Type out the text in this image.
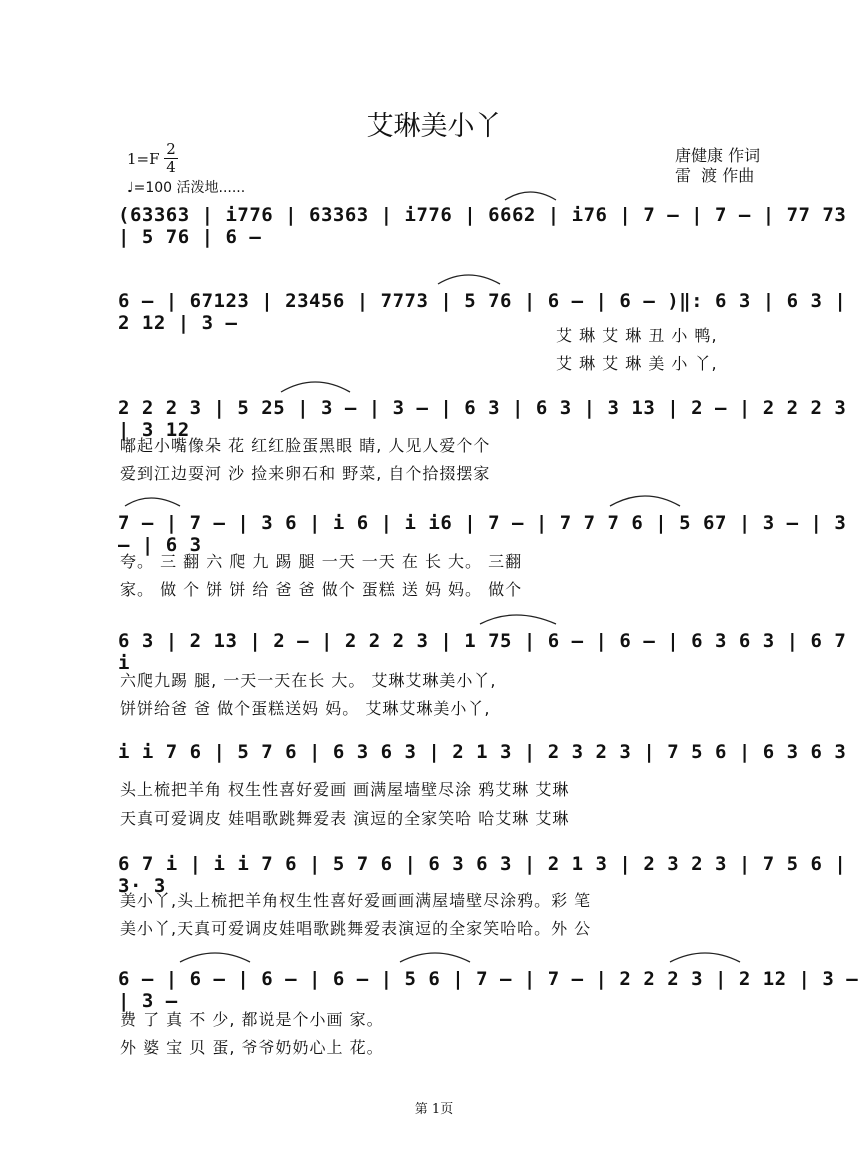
艾琳美小丫
$1=F \frac{2}{4}$
♩=100 活泼地......
唐健康 作词
雷  渡 作曲
(63363 | i776 | 63363 | i776 | 6662 | i76 | 7 – | 7 – | 77 73 | 5 76 | 6 –
6 – | 67123 | 23456 | 7773 | 5 76 | 6 – | 6 – )‖: 6 3 | 6 3 | 2 12 | 3 –
艾 琳 艾 琳 丑 小 鸭,
艾 琳 艾 琳 美 小 丫,
2 2 2 3 | 5 25 | 3 – | 3 – | 6 3 | 6 3 | 3 13 | 2 – | 2 2 2 3 | 3 12
嘟起小嘴像朵 花 红红脸蛋黑眼 睛, 人见人爱个个
爱到江边耍河 沙 捡来卵石和 野菜, 自个拾掇摆家
7 – | 7 – | 3 6 | i 6 | i i6 | 7 – | 7 7 7 6 | 5 67 | 3 – | 3 – | 6 3
夸。 三 翻 六 爬 九 踢 腿 一天 一天 在 长 大。 三翻
家。 做 个 饼 饼 给 爸 爸 做个 蛋糕 送 妈 妈。 做个
6 3 | 2 13 | 2 – | 2 2 2 3 | 1 75 | 6 – | 6 – | 6 3 6 3 | 6 7 i
六爬九踢 腿, 一天一天在长 大。 艾琳艾琳美小丫,
饼饼给爸 爸 做个蛋糕送妈 妈。 艾琳艾琳美小丫,
i i 7 6 | 5 7 6 | 6 3 6 3 | 2 1 3 | 2 3 2 3 | 7 5 6 | 6 3 6 3
头上梳把羊角 杈生性喜好爱画 画满屋墙壁尽涂 鸦艾琳 艾琳
天真可爱调皮 娃唱歌跳舞爱表 演逗的全家笑哈 哈艾琳 艾琳
6 7 i | i i 7 6 | 5 7 6 | 6 3 6 3 | 2 1 3 | 2 3 2 3 | 7 5 6 | 3· 3
美小丫,头上梳把羊角杈生性喜好爱画画满屋墙壁尽涂鸦。彩 笔
美小丫,天真可爱调皮娃唱歌跳舞爱表演逗的全家笑哈哈。外 公
6 – | 6 – | 6 – | 6 – | 5 6 | 7 – | 7 – | 2 2 2 3 | 2 12 | 3 – | 3 –
费 了 真 不 少, 都说是个小画 家。
外 婆 宝 贝 蛋, 爷爷奶奶心上 花。
第 1页
